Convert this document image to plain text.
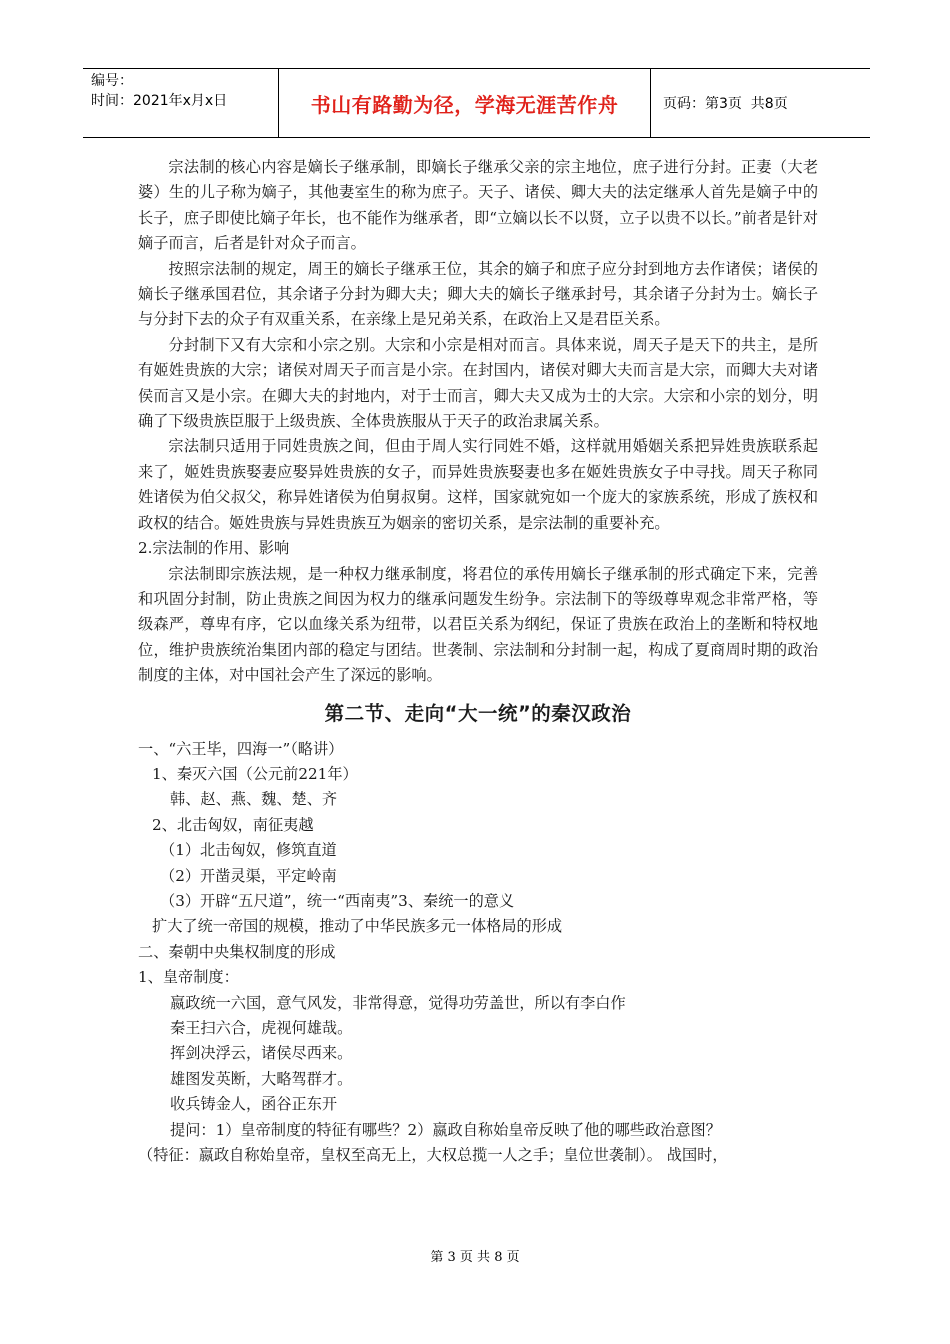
编号：
时间：2021年x月x日	书山有路勤为径，学海无涯苦作舟	页码：第3页  共8页

宗法制的核心内容是嫡长子继承制，即嫡长子继承父亲的宗主地位，庶子进行分封。正妻（大老婆）生的儿子称为嫡子，其他妻室生的称为庶子。天子、诸侯、卿大夫的法定继承人首先是嫡子中的长子，庶子即使比嫡子年长，也不能作为继承者，即“立嫡以长不以贤，立子以贵不以长。”前者是针对嫡子而言，后者是针对众子而言。

按照宗法制的规定，周王的嫡长子继承王位，其余的嫡子和庶子应分封到地方去作诸侯；诸侯的嫡长子继承国君位，其余诸子分封为卿大夫；卿大夫的嫡长子继承封号，其余诸子分封为士。嫡长子与分封下去的众子有双重关系，在亲缘上是兄弟关系，在政治上又是君臣关系。

分封制下又有大宗和小宗之别。大宗和小宗是相对而言。具体来说，周天子是天下的共主，是所有姬姓贵族的大宗；诸侯对周天子而言是小宗。在封国内，诸侯对卿大夫而言是大宗，而卿大夫对诸侯而言又是小宗。在卿大夫的封地内，对于士而言，卿大夫又成为士的大宗。大宗和小宗的划分，明确了下级贵族臣服于上级贵族、全体贵族服从于天子的政治隶属关系。

宗法制只适用于同姓贵族之间，但由于周人实行同姓不婚，这样就用婚姻关系把异姓贵族联系起来了，姬姓贵族娶妻应娶异姓贵族的女子，而异姓贵族娶妻也多在姬姓贵族女子中寻找。周天子称同姓诸侯为伯父叔父，称异姓诸侯为伯舅叔舅。这样，国家就宛如一个庞大的家族系统，形成了族权和政权的结合。姬姓贵族与异姓贵族互为姻亲的密切关系，是宗法制的重要补充。

2.宗法制的作用、影响

宗法制即宗族法规，是一种权力继承制度，将君位的承传用嫡长子继承制的形式确定下来，完善和巩固分封制，防止贵族之间因为权力的继承问题发生纷争。宗法制下的等级尊卑观念非常严格，等级森严，尊卑有序，它以血缘关系为纽带，以君臣关系为纲纪，保证了贵族在政治上的垄断和特权地位，维护贵族统治集团内部的稳定与团结。世袭制、宗法制和分封制一起，构成了夏商周时期的政治制度的主体，对中国社会产生了深远的影响。

第二节、走向“大一统”的秦汉政治

一、“六王毕，四海一”（略讲）

1、秦灭六国（公元前221年）

韩、赵、燕、魏、楚、齐

2、北击匈奴，南征夷越

（1）北击匈奴，修筑直道

（2）开凿灵渠，平定岭南

（3）开辟“五尺道”，统一“西南夷”3、秦统一的意义

扩大了统一帝国的规模，推动了中华民族多元一体格局的形成

二、秦朝中央集权制度的形成

1、皇帝制度：

嬴政统一六国，意气风发，非常得意，觉得功劳盖世，所以有李白作

秦王扫六合，虎视何雄哉。

挥剑决浮云，诸侯尽西来。

雄图发英断，大略驾群才。

收兵铸金人，函谷正东开

提问：1）皇帝制度的特征有哪些？2）嬴政自称始皇帝反映了他的哪些政治意图？

（特征：嬴政自称始皇帝，皇权至高无上，大权总揽一人之手；皇位世袭制）。 战国时，

第 3 页 共 8 页
